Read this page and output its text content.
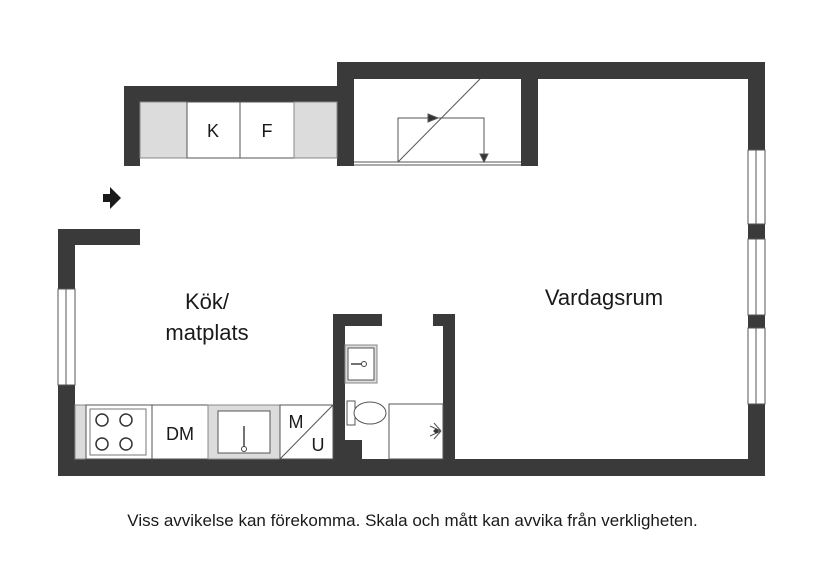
K F
DM
M
U
Kök/
matplats
Vardagsrum
Viss avvikelse kan förekomma. Skala och mått kan avvika från verkligheten.
